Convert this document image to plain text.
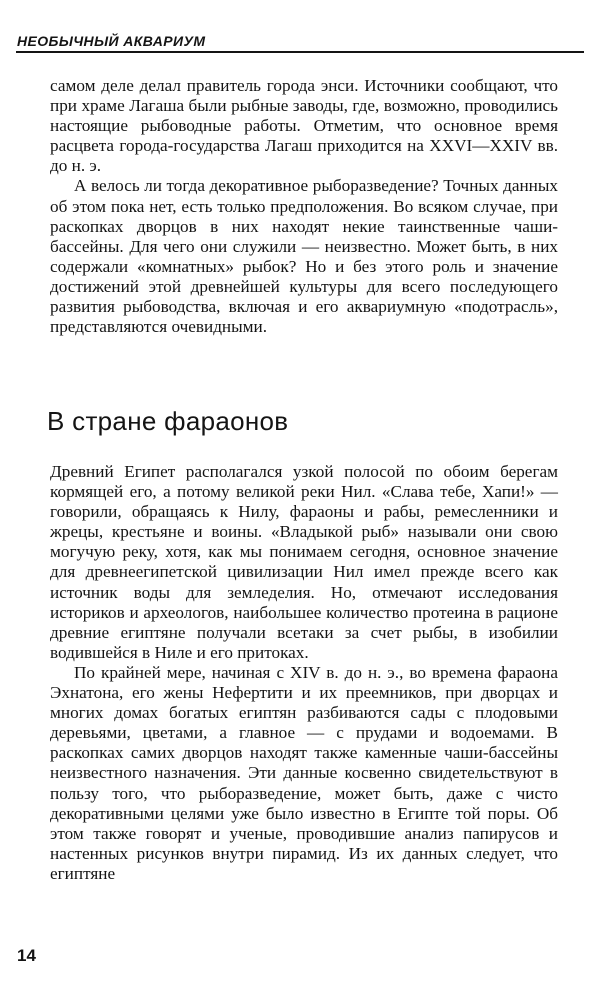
НЕОБЫЧНЫЙ АКВАРИУМ

самом деле делал правитель города энси. Источники сообщают, что при храме Лагаша были рыбные заводы, где, возможно, проводились настоящие рыбоводные работы. Отметим, что основное время расцвета города-государства Лагаш приходится на XXVI—XXIV вв. до н. э.

А велось ли тогда декоративное рыборазведение? Точных данных об этом пока нет, есть только предположения. Во всяком случае, при раскопках дворцов в них находят некие таинственные чаши-бассейны. Для чего они служили — неизвестно. Может быть, в них содержали «комнатных» рыбок? Но и без этого роль и значение достижений этой древнейшей культуры для всего последующего развития рыбоводства, включая и его аквариумную «подотрасль», представляются очевидными.

В стране фараонов

Древний Египет располагался узкой полосой по обоим берегам кормящей его, а потому великой реки Нил. «Слава тебе, Хапи!» — говорили, обращаясь к Нилу, фараоны и рабы, ремесленники и жрецы, крестьяне и воины. «Владыкой рыб» называли они свою могучую реку, хотя, как мы понимаем сегодня, основное значение для древнеегипетской цивилизации Нил имел прежде всего как источник воды для земледелия. Но, отмечают исследования историков и археологов, наибольшее количество протеина в рационе древние египтяне получали всетаки за счет рыбы, в изобилии водившейся в Ниле и его притоках.

По крайней мере, начиная с XIV в. до н. э., во времена фараона Эхнатона, его жены Нефертити и их преемников, при дворцах и многих домах богатых египтян разбиваются сады с плодовыми деревьями, цветами, а главное — с прудами и водоемами. В раскопках самих дворцов находят также каменные чаши-бассейны неизвестного назначения. Эти данные косвенно свидетельствуют в пользу того, что рыборазведение, может быть, даже с чисто декоративными целями уже было известно в Египте той поры. Об этом также говорят и ученые, проводившие анализ папирусов и настенных рисунков внутри пирамид. Из их данных следует, что египтяне

14
